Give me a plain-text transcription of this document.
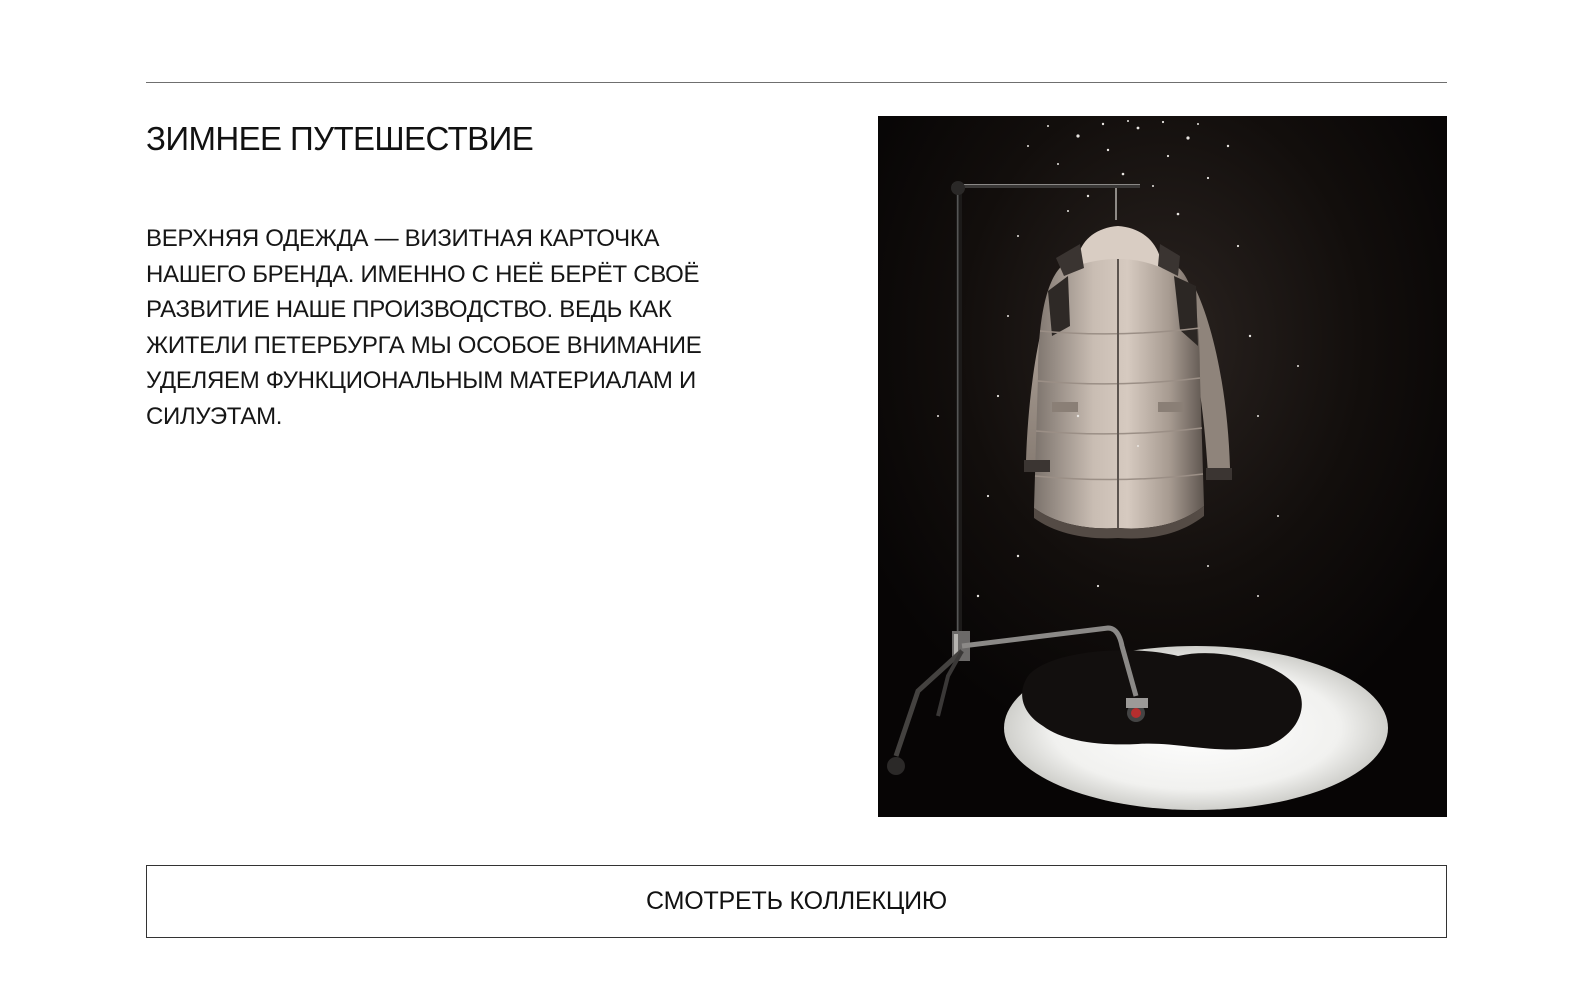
ЗИМНЕЕ ПУТЕШЕСТВИЕ

ВЕРХНЯЯ ОДЕЖДА — ВИЗИТНАЯ КАРТОЧКА
НАШЕГО БРЕНДА. ИМЕННО С НЕЁ БЕРЁТ СВОЁ
РАЗВИТИЕ НАШЕ ПРОИЗВОДСТВО. ВЕДЬ КАК
ЖИТЕЛИ ПЕТЕРБУРГА МЫ ОСОБОЕ ВНИМАНИЕ
УДЕЛЯЕМ ФУНКЦИОНАЛЬНЫМ МАТЕРИАЛАМ И
СИЛУЭТАМ.

СМОТРЕТЬ КОЛЛЕКЦИЮ
